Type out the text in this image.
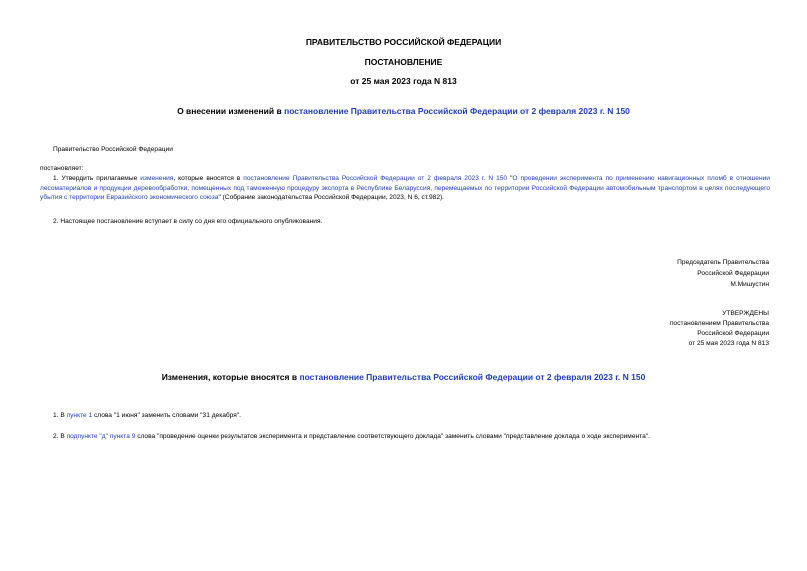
ПРАВИТЕЛЬСТВО РОССИЙСКОЙ ФЕДЕРАЦИИ
ПОСТАНОВЛЕНИЕ
от 25 мая 2023 года N 813
О внесении изменений в постановление Правительства Российской Федерации от 2 февраля 2023 г. N 150
Правительство Российской Федерации
постановляет:
1. Утвердить прилагаемые изменения, которые вносятся в постановление Правительства Российской Федерации от 2 февраля 2023 г. N 150 "О проведении эксперимента по применению навигационных пломб в отношении лесоматериалов и продукции деревообработки, помещенных под таможенную процедуру экспорта в Республике Беларуссия, перемещаемых по территории Российской Федерации автомобильным транспортом в целях последующего убытия с территории Евразийского экономического союза" (Собрание законодательства Российской Федерации, 2023, N 6, ст.982).
2. Настоящее постановление вступает в силу со дня его официального опубликования.
Председатель Правительства
Российской Федерации
М.Мишустин
УТВЕРЖДЕНЫ
постановлением Правительства
Российской Федерации
от 25 мая 2023 года N 813
Изменения, которые вносятся в постановление Правительства Российской Федерации от 2 февраля 2023 г. N 150
1. В пункте 1 слова "1 июня" заменить словами "31 декабря".
2. В подпункте "д" пункта 9 слова "проведение оценки результатов эксперимента и представление соответствующего доклада" заменить словами "представление доклада о ходе эксперимента".
